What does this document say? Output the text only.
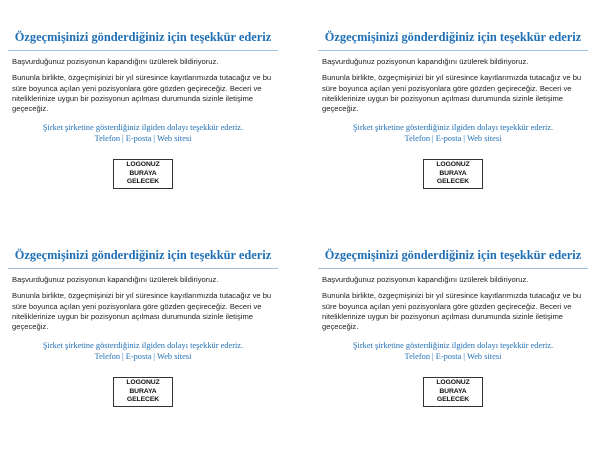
Özgeçmişinizi gönderdiğiniz için teşekkür ederiz

Başvurduğunuz pozisyonun kapandığını üzülerek bildiriyoruz.

Bununla birlikte, özgeçmişinizi bir yıl süresince kayıtlarımızda tutacağız ve bu süre boyunca açılan yeni pozisyonlara göre gözden geçireceğiz. Beceri ve niteliklerinize uygun bir pozisyonun açılması durumunda sizinle iletişime geçeceğiz.

Şirket şirketine gösterdiğiniz ilgiden dolayı teşekkür ederiz.
Telefon | E-posta | Web sitesi
LOGONUZ BURAYA
GELECEK
Özgeçmişinizi gönderdiğiniz için teşekkür ederiz

Başvurduğunuz pozisyonun kapandığını üzülerek bildiriyoruz.

Bununla birlikte, özgeçmişinizi bir yıl süresince kayıtlarımızda tutacağız ve bu süre boyunca açılan yeni pozisyonlara göre gözden geçireceğiz. Beceri ve niteliklerinize uygun bir pozisyonun açılması durumunda sizinle iletişime geçeceğiz.

Şirket şirketine gösterdiğiniz ilgiden dolayı teşekkür ederiz.
Telefon | E-posta | Web sitesi
LOGONUZ BURAYA
GELECEK
Özgeçmişinizi gönderdiğiniz için teşekkür ederiz

Başvurduğunuz pozisyonun kapandığını üzülerek bildiriyoruz.

Bununla birlikte, özgeçmişinizi bir yıl süresince kayıtlarımızda tutacağız ve bu süre boyunca açılan yeni pozisyonlara göre gözden geçireceğiz. Beceri ve niteliklerinize uygun bir pozisyonun açılması durumunda sizinle iletişime geçeceğiz.

Şirket şirketine gösterdiğiniz ilgiden dolayı teşekkür ederiz.
Telefon | E-posta | Web sitesi
LOGONUZ BURAYA
GELECEK
Özgeçmişinizi gönderdiğiniz için teşekkür ederiz

Başvurduğunuz pozisyonun kapandığını üzülerek bildiriyoruz.

Bununla birlikte, özgeçmişinizi bir yıl süresince kayıtlarımızda tutacağız ve bu süre boyunca açılan yeni pozisyonlara göre gözden geçireceğiz. Beceri ve niteliklerinize uygun bir pozisyonun açılması durumunda sizinle iletişime geçeceğiz.

Şirket şirketine gösterdiğiniz ilgiden dolayı teşekkür ederiz.
Telefon | E-posta | Web sitesi
LOGONUZ BURAYA
GELECEK
